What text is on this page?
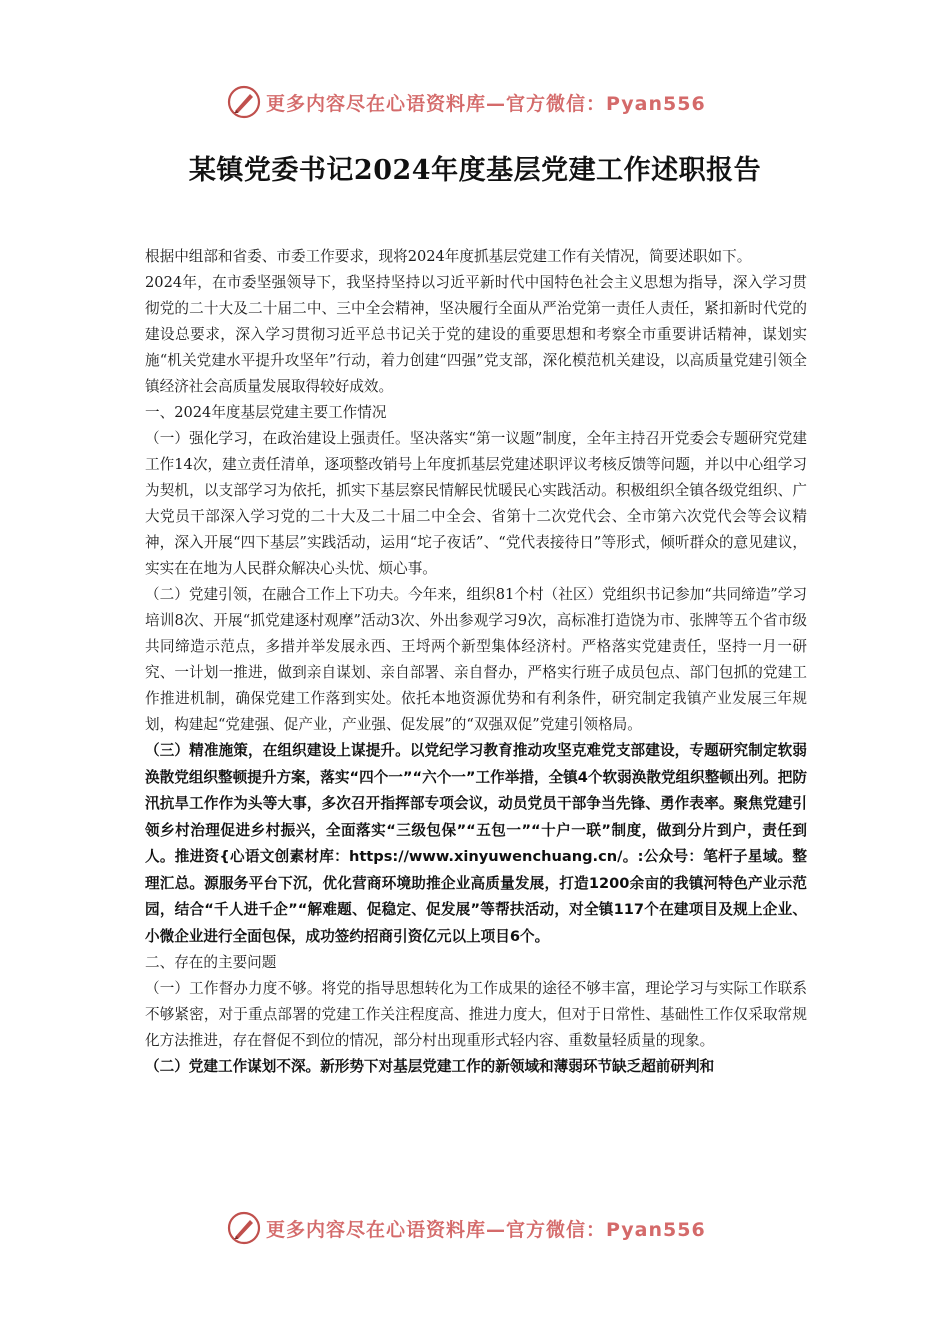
更多内容尽在心语资料库—官方微信：Pyan556
某镇党委书记2024年度基层党建工作述职报告

根据中组部和省委、市委工作要求，现将2024年度抓基层党建工作有关情况，简要述职如下。

2024年，在市委坚强领导下，我坚持坚持以习近平新时代中国特色社会主义思想为指导，深入学习贯彻党的二十大及二十届二中、三中全会精神，坚决履行全面从严治党第一责任人责任，紧扣新时代党的建设总要求，深入学习贯彻习近平总书记关于党的建设的重要思想和考察全市重要讲话精神，谋划实施“机关党建水平提升攻坚年”行动，着力创建“四强”党支部，深化模范机关建设，以高质量党建引领全镇经济社会高质量发展取得较好成效。

一、2024年度基层党建主要工作情况

（一）强化学习，在政治建设上强责任。坚决落实“第一议题”制度，全年主持召开党委会专题研究党建工作14次，建立责任清单，逐项整改销号上年度抓基层党建述职评议考核反馈等问题，并以中心组学习为契机，以支部学习为依托，抓实下基层察民情解民忧暖民心实践活动。积极组织全镇各级党组织、广大党员干部深入学习党的二十大及二十届二中全会、省第十二次党代会、全市第六次党代会等会议精神，深入开展“四下基层”实践活动，运用“坨子夜话”、“党代表接待日”等形式，倾听群众的意见建议，实实在在地为人民群众解决心头忧、烦心事。

（二）党建引领，在融合工作上下功夫。今年来，组织81个村（社区）党组织书记参加“共同缔造”学习培训8次、开展“抓党建逐村观摩”活动3次、外出参观学习9次，高标准打造饶为市、张牌等五个省市级共同缔造示范点，多措并举发展永西、王埒两个新型集体经济村。严格落实党建责任，坚持一月一研究、一计划一推进，做到亲自谋划、亲自部署、亲自督办，严格实行班子成员包点、部门包抓的党建工作推进机制，确保党建工作落到实处。依托本地资源优势和有利条件，研究制定我镇产业发展三年规划，构建起“党建强、促产业，产业强、促发展”的“双强双促”党建引领格局。

（三）精准施策，在组织建设上谋提升。以党纪学习教育推动攻坚克难党支部建设，专题研究制定软弱涣散党组织整顿提升方案，落实“四个一”“六个一”工作举措，全镇4个软弱涣散党组织整顿出列。把防汛抗旱工作作为头等大事，多次召开指挥部专项会议，动员党员干部争当先锋、勇作表率。聚焦党建引领乡村治理促进乡村振兴，全面落实“三级包保”“五包一”“十户一联”制度，做到分片到户，责任到人。推进资{心语文创素材库：https://www.xinyuwenchuang.cn/。:公众号：笔杆子星域。整理汇总。源服务平台下沉，优化营商环境助推企业高质量发展，打造1200余亩的我镇河特色产业示范园，结合“千人进千企”“解难题、促稳定、促发展”等帮扶活动，对全镇117个在建项目及规上企业、小微企业进行全面包保，成功签约招商引资亿元以上项目6个。

二、存在的主要问题

（一）工作督办力度不够。将党的指导思想转化为工作成果的途径不够丰富，理论学习与实际工作联系不够紧密，对于重点部署的党建工作关注程度高、推进力度大，但对于日常性、基础性工作仅采取常规化方法推进，存在督促不到位的情况，部分村出现重形式轻内容、重数量轻质量的现象。

（二）党建工作谋划不深。新形势下对基层党建工作的新领域和薄弱环节缺乏超前研判和

更多内容尽在心语资料库—官方微信：Pyan556
